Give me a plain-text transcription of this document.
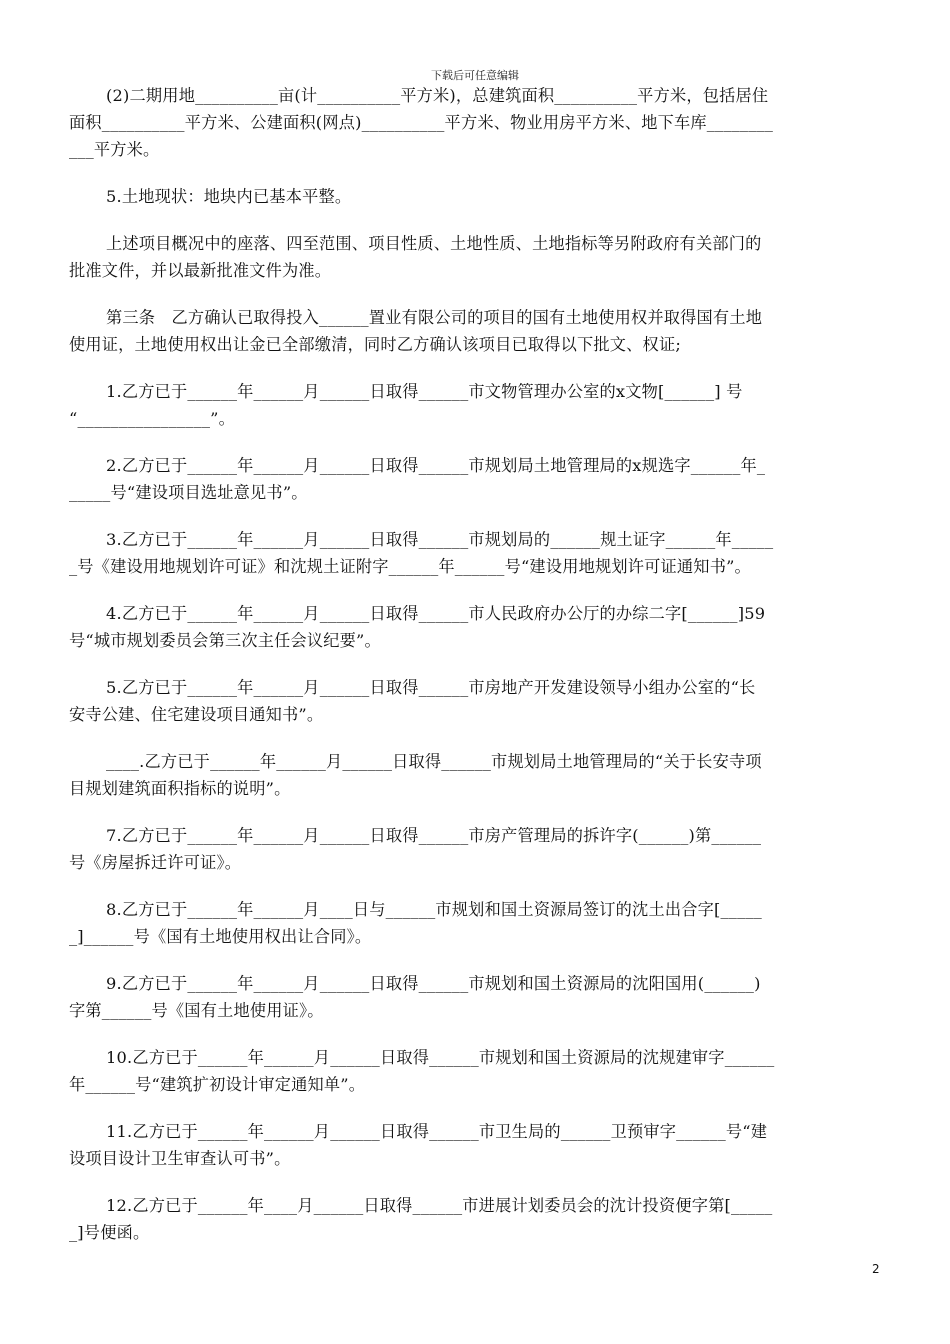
下载后可任意编辑

(2)二期用地__________亩(计__________平方米)，总建筑面积__________平方米，包括居住
面积__________平方米、公建面积(网点)__________平方米、物业用房平方米、地下车库________
___平方米。

5.土地现状：地块内已基本平整。

上述项目概况中的座落、四至范围、项目性质、土地性质、土地指标等另附政府有关部门的
批准文件，并以最新批准文件为准。

第三条　乙方确认已取得投入______置业有限公司的项目的国有土地使用权并取得国有土地
使用证，土地使用权出让金已全部缴清，同时乙方确认该项目已取得以下批文、权证;

1.乙方已于______年______月______日取得______市文物管理办公室的x文物[______] 号
“________________”。

2.乙方已于______年______月______日取得______市规划局土地管理局的x规选字______年_
_____号“建设项目选址意见书”。

3.乙方已于______年______月______日取得______市规划局的______规土证字______年_____
_号《建设用地规划许可证》和沈规土证附字______年______号“建设用地规划许可证通知书”。

4.乙方已于______年______月______日取得______市人民政府办公厅的办综二字[______]59
号“城市规划委员会第三次主任会议纪要”。

5.乙方已于______年______月______日取得______市房地产开发建设领导小组办公室的“长
安寺公建、住宅建设项目通知书”。

____.乙方已于______年______月______日取得______市规划局土地管理局的“关于长安寺项
目规划建筑面积指标的说明”。

7.乙方已于______年______月______日取得______市房产管理局的拆许字(______)第______
号《房屋拆迁许可证》。

8.乙方已于______年______月____日与______市规划和国土资源局签订的沈土出合字[_____
_]______号《国有土地使用权出让合同》。

9.乙方已于______年______月______日取得______市规划和国土资源局的沈阳国用(______)
字第______号《国有土地使用证》。

10.乙方已于______年______月______日取得______市规划和国土资源局的沈规建审字______
年______号“建筑扩初设计审定通知单”。

11.乙方已于______年______月______日取得______市卫生局的______卫预审字______号“建
设项目设计卫生审查认可书”。

12.乙方已于______年____月______日取得______市进展计划委员会的沈计投资便字第[_____
_]号便函。

2
